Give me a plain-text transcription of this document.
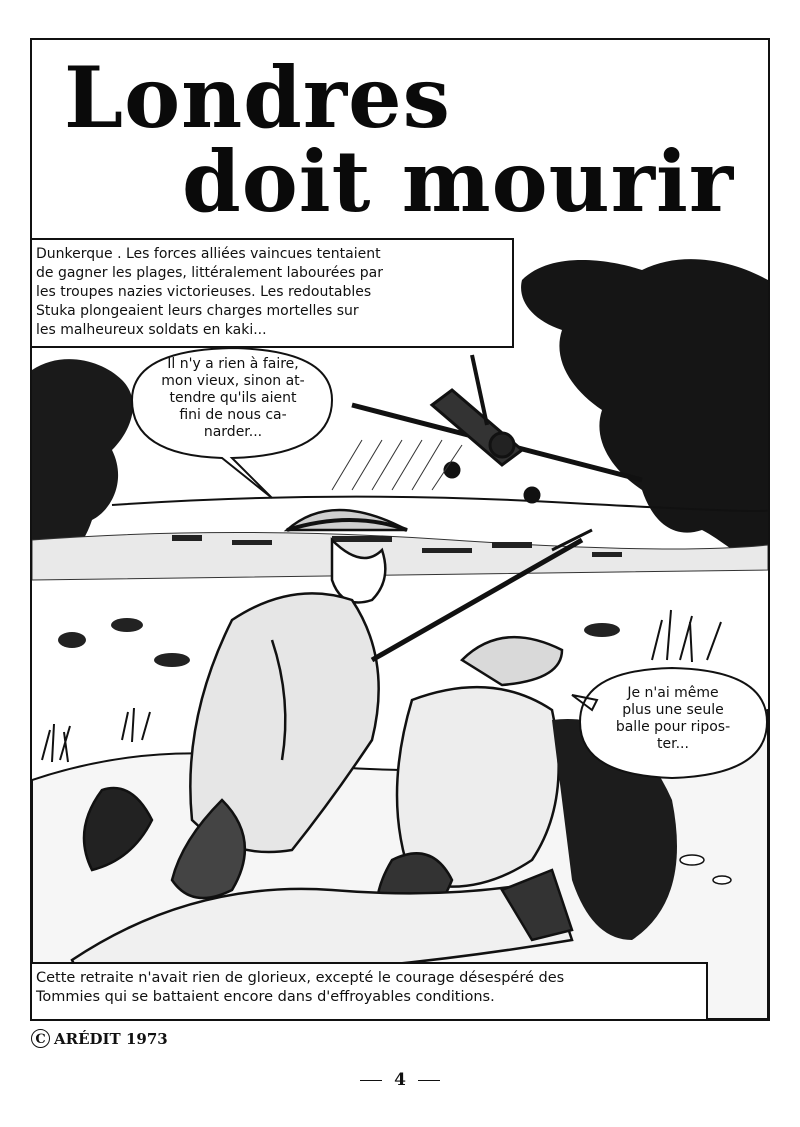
Londres
doit mourir
Dunkerque . Les forces alliées vaincues tentaient
de gagner les plages, littéralement labourées par
les troupes nazies victorieuses. Les redoutables
Stuka plongeaient leurs charges mortelles sur
les malheureux soldats en kaki...
Il n'y a rien à faire,
mon vieux, sinon at-
tendre qu'ils aient
fini de nous ca-
narder...
Je n'ai même
plus une seule
balle pour ripos-
ter...
Cette retraite n'avait rien de glorieux, excepté le courage désespéré des
Tommies qui se battaient encore dans d'effroyables conditions.
C ARÉDIT 1973
4
